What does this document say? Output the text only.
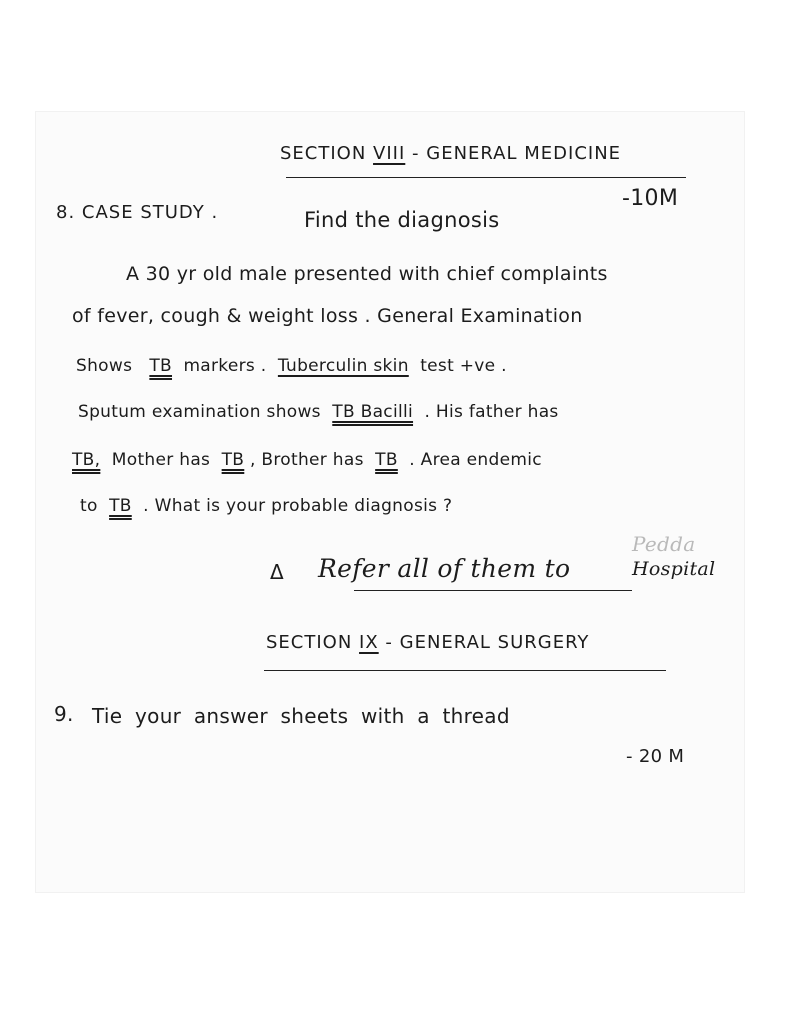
SECTION VIII - GENERAL MEDICINE
8. CASE STUDY .	Find the diagnosis
-10M
A 30 yr old male presented with chief complaints
of fever, cough & weight loss . General Examination
Shows TB markers . Tuberculin skin test +ve .
Sputum examination shows TB Bacilli . His father has
TB, Mother has TB , Brother has TB . Area endemic
to TB . What is your probable diagnosis ?
Δ Refer all of them to
Pedda
Hospital
SECTION IX - GENERAL SURGERY
9. Tie your answer sheets with a thread
- 20 M
